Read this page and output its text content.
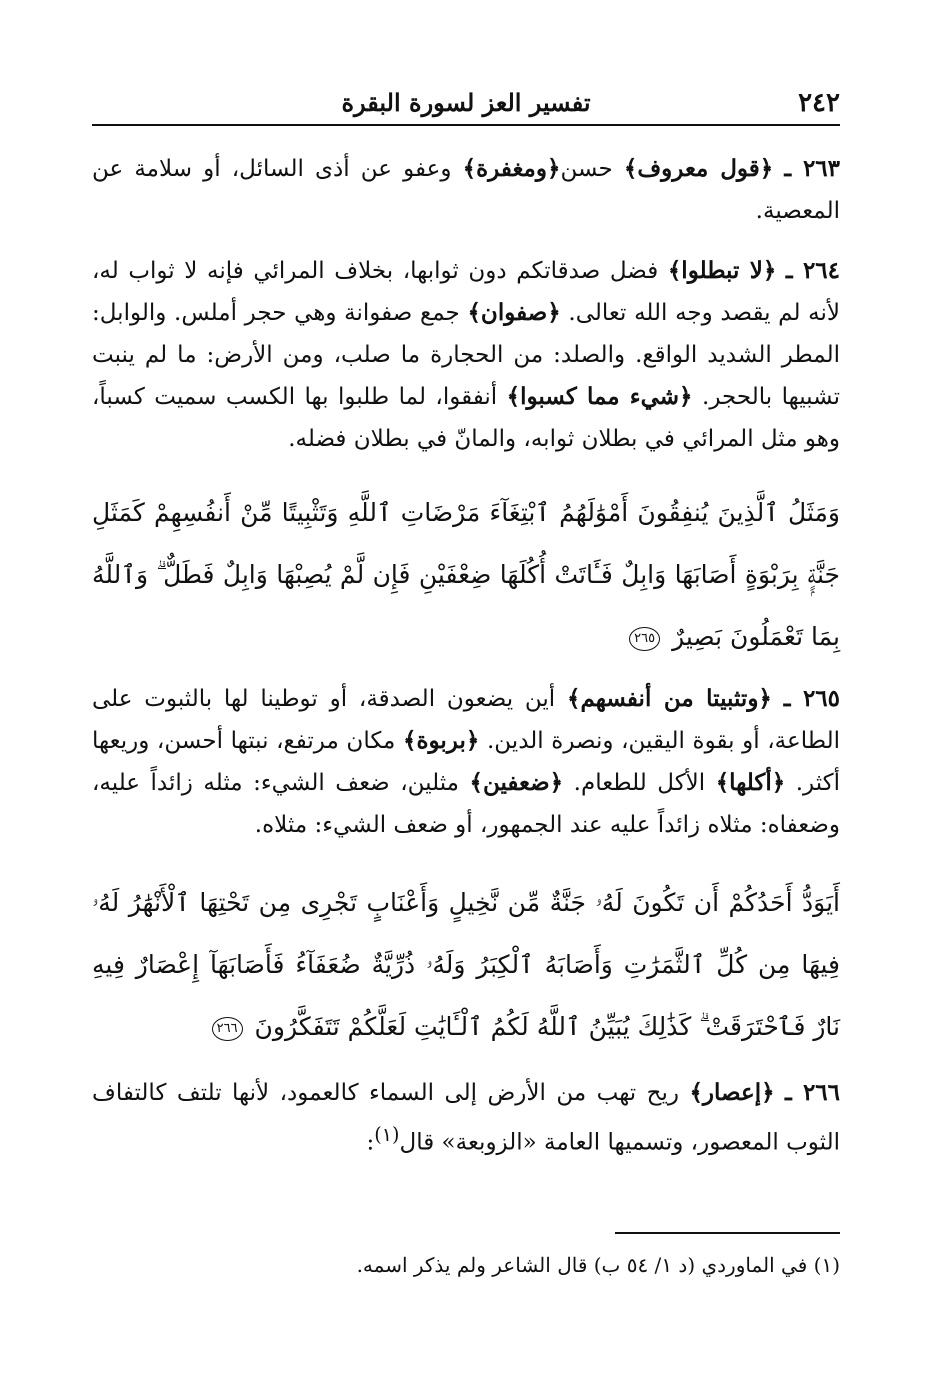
٢٤٢
تفسير العز لسورة البقرة

٢٦٣ ـ ﴿قول معروف﴾ حسن﴿ومغفرة﴾ وعفو عن أذى السائل، أو سلامة عن المعصية.

٢٦٤ ـ ﴿لا تبطلوا﴾ فضل صدقاتكم دون ثوابها، بخلاف المرائي فإنه لا ثواب له، لأنه لم يقصد وجه الله تعالى. ﴿صفوان﴾ جمع صفوانة وهي حجر أملس. والوابل: المطر الشديد الواقع. والصلد: من الحجارة ما صلب، ومن الأرض: ما لم ينبت تشبيها بالحجر. ﴿شيء مما كسبوا﴾ أنفقوا، لما طلبوا بها الكسب سميت كسباً، وهو مثل المرائي في بطلان ثوابه، والمانّ في بطلان فضله.

وَمَثَلُ ٱلَّذِينَ يُنفِقُونَ أَمْوَٰلَهُمُ ٱبْتِغَآءَ مَرْضَاتِ ٱللَّهِ وَتَثْبِيتًا مِّنْ أَنفُسِهِمْ كَمَثَلِ جَنَّةٍۭ بِرَبْوَةٍ أَصَابَهَا وَابِلٌ فَـَٔاتَتْ أُكُلَهَا ضِعْفَيْنِ فَإِن لَّمْ يُصِبْهَا وَابِلٌ فَطَلٌّ ۗ وَٱللَّهُ بِمَا تَعْمَلُونَ بَصِيرٌ ٢٦٥

٢٦٥ ـ ﴿وتثبيتا من أنفسهم﴾ أين يضعون الصدقة، أو توطينا لها بالثبوت على الطاعة، أو بقوة اليقين، ونصرة الدين. ﴿بربوة﴾ مكان مرتفع، نبتها أحسن، وريعها أكثر. ﴿أكلها﴾ الأكل للطعام. ﴿ضعفين﴾ مثلين، ضعف الشيء: مثله زائداً عليه، وضعفاه: مثلاه زائداً عليه عند الجمهور، أو ضعف الشيء: مثلاه.

أَيَوَدُّ أَحَدُكُمْ أَن تَكُونَ لَهُۥ جَنَّةٌ مِّن نَّخِيلٍ وَأَعْنَابٍ تَجْرِى مِن تَحْتِهَا ٱلْأَنْهَٰرُ لَهُۥ فِيهَا مِن كُلِّ ٱلثَّمَرَٰتِ وَأَصَابَهُ ٱلْكِبَرُ وَلَهُۥ ذُرِّيَّةٌ ضُعَفَآءُ فَأَصَابَهَآ إِعْصَارٌ فِيهِ نَارٌ فَٱحْتَرَقَتْ ۗ كَذَٰلِكَ يُبَيِّنُ ٱللَّهُ لَكُمُ ٱلْـَٔايَٰتِ لَعَلَّكُمْ تَتَفَكَّرُونَ ٢٦٦

٢٦٦ ـ ﴿إعصار﴾ ريح تهب من الأرض إلى السماء كالعمود، لأنها تلتف كالتفاف الثوب المعصور، وتسميها العامة «الزوبعة» قال$^{(١)}$:

(١) في الماوردي (د ١/ ٥٤ ب) قال الشاعر ولم يذكر اسمه.
